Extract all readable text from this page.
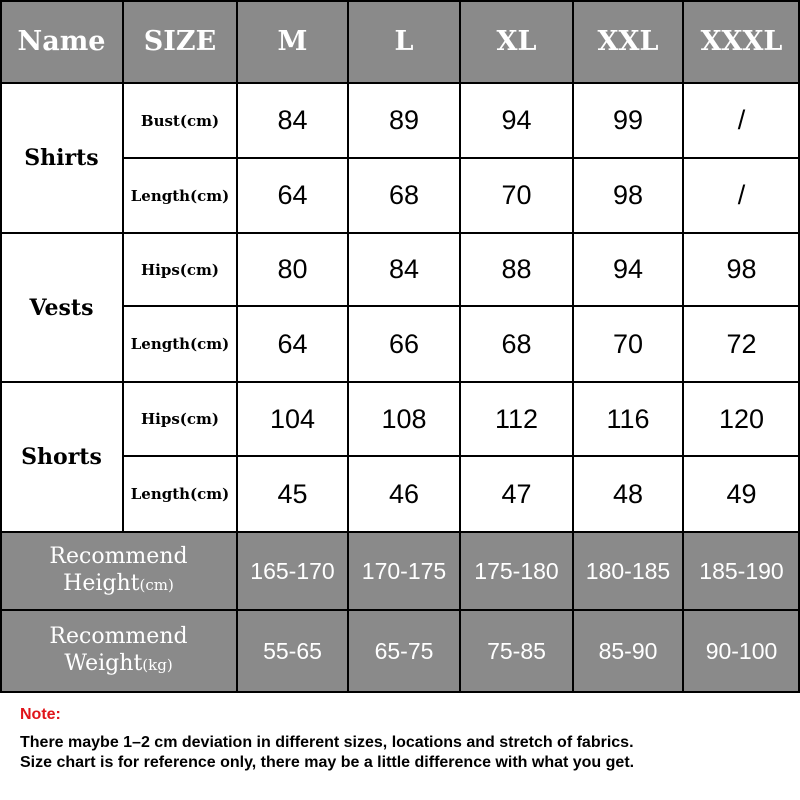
Name	SIZE	M	L	XL	XXL	XXXL
Shirts
Bust(cm)	84	89	94	99	/
Length(cm)	64	68	70	98	/
Vests
Hips(cm)	80	84	88	94	98
Length(cm)	64	66	68	70	72
Shorts
Hips(cm)	104	108	112	116	120
Length(cm)	45	46	47	48	49
Recommend
Height(cm)
165-170	170-175	175-180	180-185	185-190
Recommend
Weight(kg)
55-65	65-75	75-85	85-90	90-100
Note:
There maybe 1–2 cm deviation in different sizes, locations and stretch of fabrics.
Size chart is for reference only, there may be a little difference with what you get.
